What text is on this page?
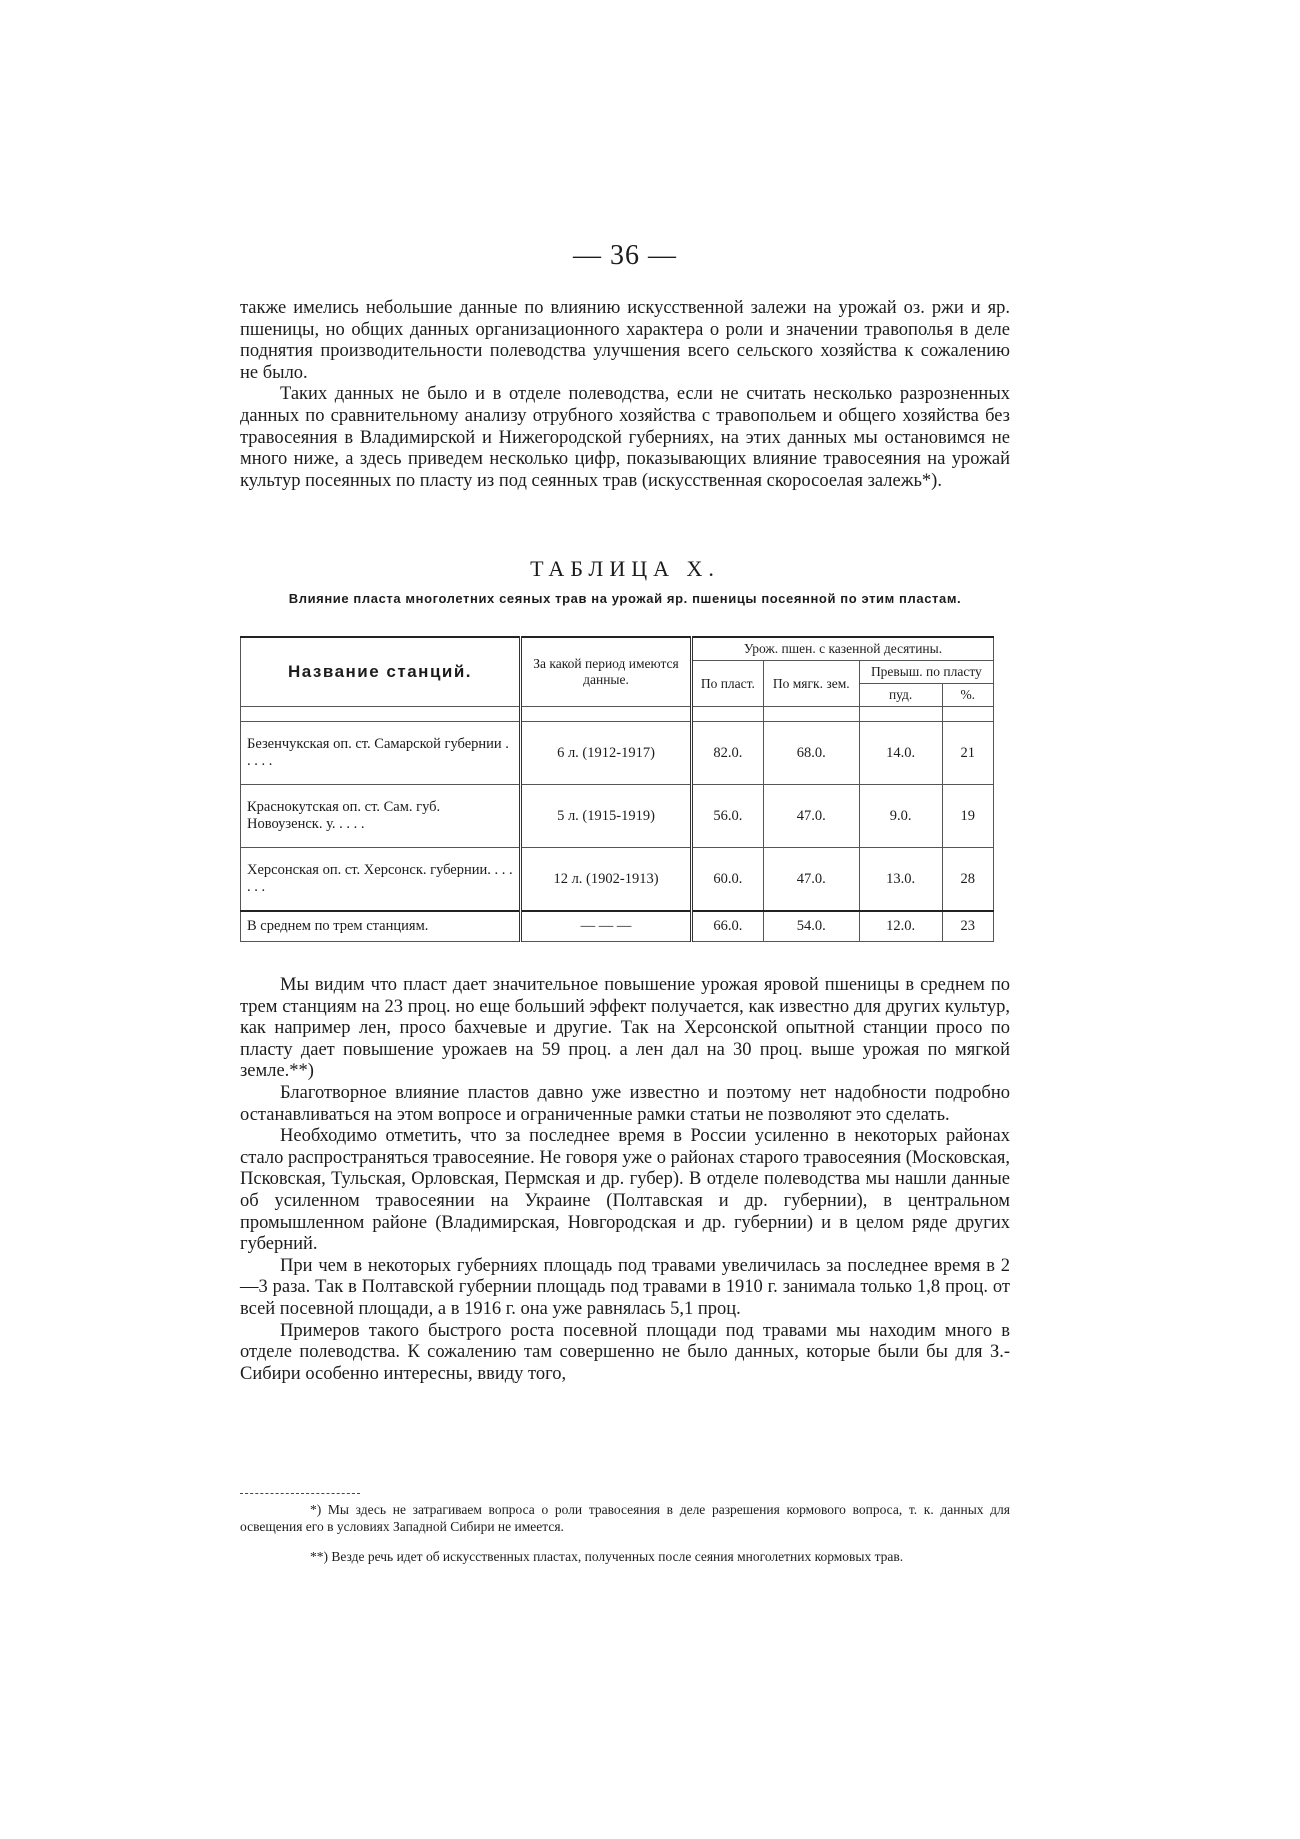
— 36 —

также имелись небольшие данные по влиянию искусственной залежи на урожай оз. ржи и яр. пшеницы, но общих данных организационного характера о роли и значении травополья в деле поднятия производительности полеводства улучшения всего сельского хозяйства к сожалению не было.

Таких данных не было и в отделе полеводства, если не считать несколько разрозненных данных по сравнительному анализу отрубного хозяйства с травопольем и общего хозяйства без травосеяния в Владимирской и Нижегородской губерниях, на этих данных мы остановимся не много ниже, а здесь приведем несколько цифр, показывающих влияние травосеяния на урожай культур посеянных по пласту из под сеянных трав (искусственная скоросоелая залежь*).

ТАБЛИЦА X.
Влияние пласта многолетних сеяных трав на урожай яр. пшеницы посеянной по этим пластам.
Название станций.	За какой период имеются данные.	Урож. пшен. с казенной десятины.			
		По пласт.	По мягк. зем.	Превыш. по пласту	
				пуд.	%.

Безенчукская оп. ст. Самарской губернии . . . . .	6 л. (1912-1917)	82.0.	68.0.	14.0.	21
Краснокутская оп. ст. Сам. губ. Новоузенск. у. . . . .	5 л. (1915-1919)	56.0.	47.0.	9.0.	19
Херсонская оп. ст. Херсонск. губернии. . . . . . .	12 л. (1902-1913)	60.0.	47.0.	13.0.	28
В среднем по трем станциям.	— — —	66.0.	54.0.	12.0.	23

Мы видим что пласт дает значительное повышение урожая яровой пшеницы в среднем по трем станциям на 23 проц. но еще больший эффект получается, как известно для других культур, как например лен, просо бахчевые и другие. Так на Херсонской опытной станции просо по пласту дает повышение урожаев на 59 проц. а лен дал на 30 проц. выше урожая по мягкой земле.**)

Благотворное влияние пластов давно уже известно и поэтому нет надобности подробно останавливаться на этом вопросе и ограниченные рамки статьи не позволяют это сделать.

Необходимо отметить, что за последнее время в России усиленно в некоторых районах стало распространяться травосеяние. Не говоря уже о районах старого травосеяния (Московская, Псковская, Тульская, Орловская, Пермская и др. губер). В отделе полеводства мы нашли данные об усиленном травосеянии на Украине (Полтавская и др. губернии), в центральном промышленном районе (Владимирская, Новгородская и др. губернии) и в целом ряде других губерний.

При чем в некоторых губерниях площадь под травами увеличилась за последнее время в 2—3 раза. Так в Полтавской губернии площадь под травами в 1910 г. занимала только 1,8 проц. от всей посевной площади, а в 1916 г. она уже равнялась 5,1 проц.

Примеров такого быстрого роста посевной площади под травами мы находим много в отделе полеводства. К сожалению там совершенно не было данных, которые были бы для З.-Сибири особенно интересны, ввиду того,

*) Мы здесь не затрагиваем вопроса о роли травосеяния в деле разрешения кормового вопроса, т. к. данных для освещения его в условиях Западной Сибири не имеется.

**) Везде речь идет об искусственных пластах, полученных после сеяния многолетних кормовых трав.
